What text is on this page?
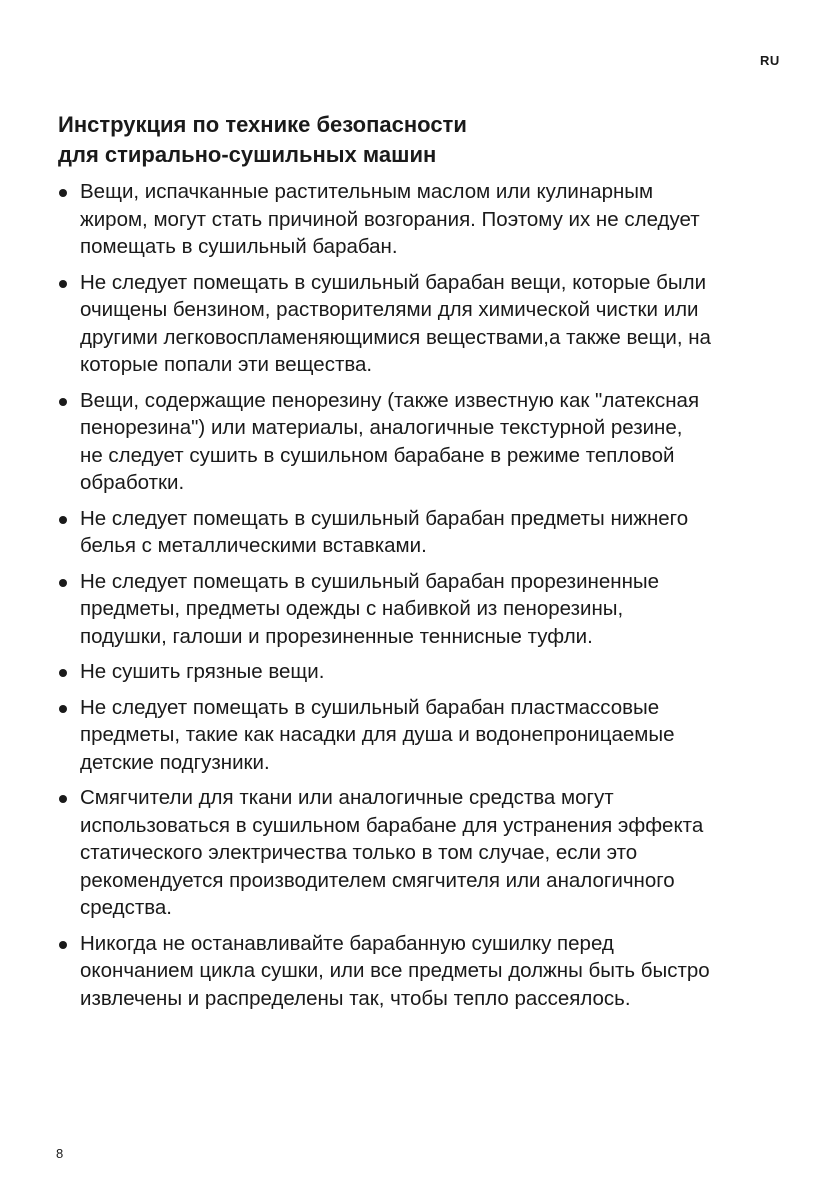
RU
Инструкция по технике безопасности
для стирально-сушильных машин
Вещи, испачканные растительным маслом или кулинарным
жиром, могут стать причиной возгорания. Поэтому их не следует
помещать в сушильный барабан.
Не следует помещать в сушильный барабан вещи, которые были
очищены бензином, растворителями для химической чистки или
другими легковоспламеняющимися веществами,а также вещи, на
которые попали эти вещества.
Вещи, содержащие пенорезину (также известную как "латексная
пенорезина") или материалы, аналогичные текстурной резине,
не следует сушить в сушильном барабане в режиме тепловой
обработки.
Не следует помещать в сушильный барабан предметы нижнего
белья с металлическими вставками.
Не следует помещать в сушильный барабан прорезиненные
предметы, предметы одежды с набивкой из пенорезины,
подушки, галоши и прорезиненные теннисные туфли.
Не сушить грязные вещи.
Не следует помещать в сушильный барабан пластмассовые
предметы, такие как насадки для душа и водонепроницаемые
детские подгузники.
Смягчители для ткани или аналогичные средства могут
использоваться в сушильном барабане для устранения эффекта
статического электричества только в том случае, если это
рекомендуется производителем смягчителя или аналогичного
средства.
Никогда не останавливайте барабанную сушилку перед
окончанием цикла сушки, или все предметы должны быть быстро
извлечены и распределены так, чтобы тепло рассеялось.
8
